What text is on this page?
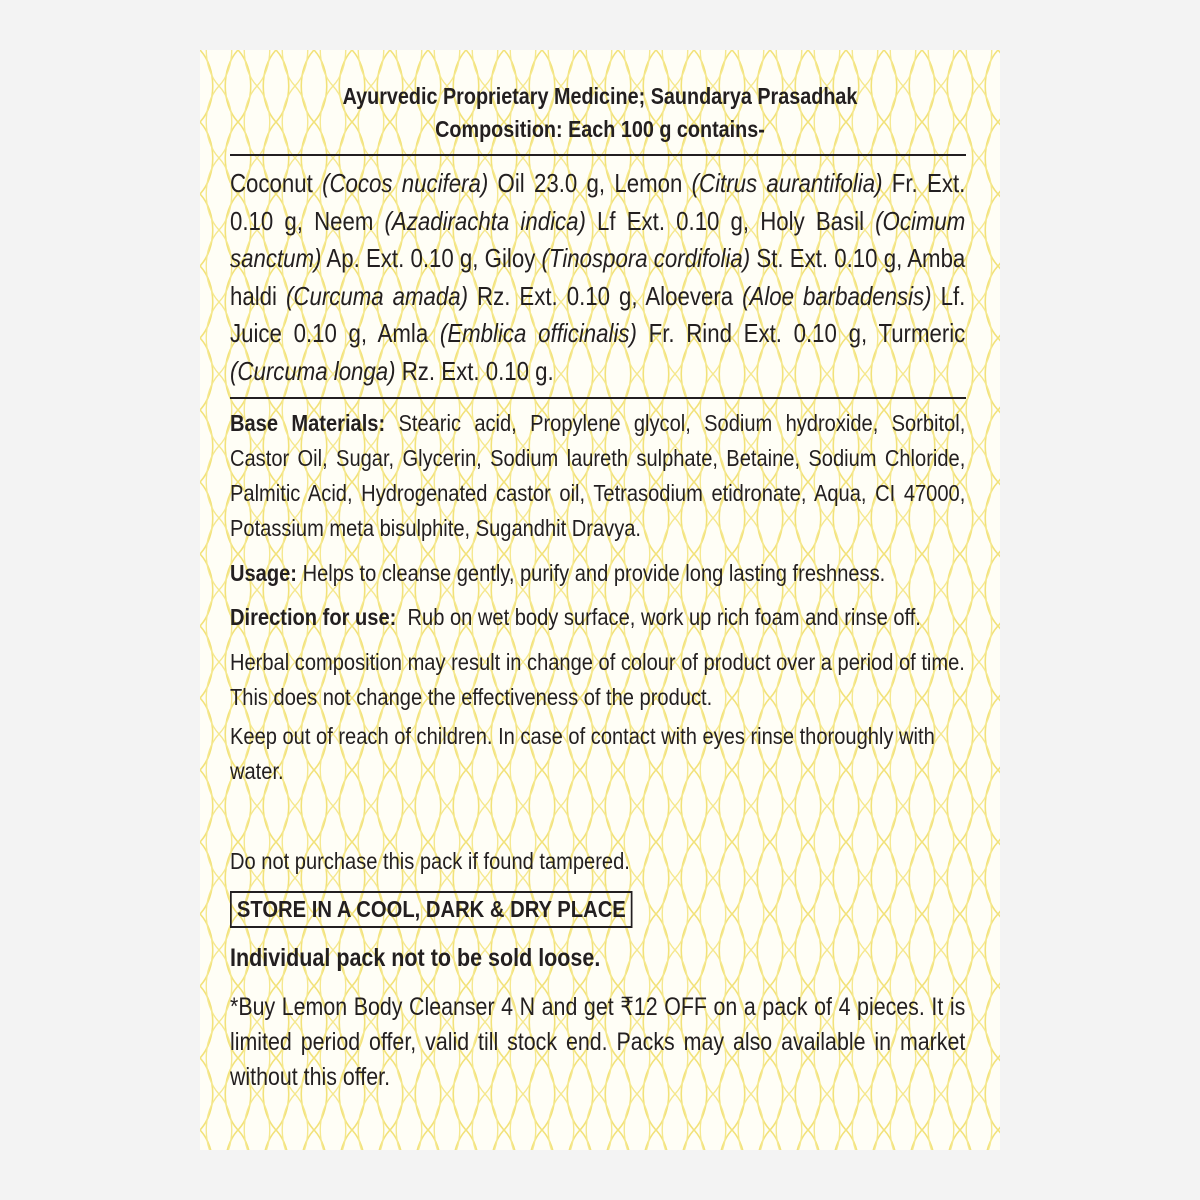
Ayurvedic Proprietary Medicine; Saundarya Prasadhak
Composition: Each 100 g contains-
Coconut (Cocos nucifera) Oil 23.0 g, Lemon (Citrus aurantifolia) Fr. Ext. 0.10 g, Neem (Azadirachta indica) Lf Ext. 0.10 g, Holy Basil (Ocimum sanctum) Ap. Ext. 0.10 g, Giloy (Tinospora cordifolia) St. Ext. 0.10 g, Amba haldi (Curcuma amada) Rz. Ext. 0.10 g, Aloevera (Aloe barbadensis) Lf. Juice 0.10 g, Amla (Emblica officinalis) Fr. Rind Ext. 0.10 g, Turmeric (Curcuma longa) Rz. Ext. 0.10 g.
Base Materials: Stearic acid, Propylene glycol, Sodium hydroxide, Sorbitol, Castor Oil, Sugar, Glycerin, Sodium laureth sulphate, Betaine, Sodium Chloride, Palmitic Acid, Hydrogenated castor oil, Tetrasodium etidronate, Aqua, CI 47000, Potassium meta bisulphite, Sugandhit Dravya.
Usage: Helps to cleanse gently, purify and provide long lasting freshness.
Direction for use:  Rub on wet body surface, work up rich foam and rinse off.
Herbal composition may result in change of colour of product over a period of time. This does not change the effectiveness of the product.
Keep out of reach of children. In case of contact with eyes rinse thoroughly with water.
Do not purchase this pack if found tampered.
STORE IN A COOL, DARK & DRY PLACE
Individual pack not to be sold loose.
*Buy Lemon Body Cleanser 4 N and get ₹12 OFF on a pack of 4 pieces. It is limited period offer, valid till stock end. Packs may also available in market without this offer.
